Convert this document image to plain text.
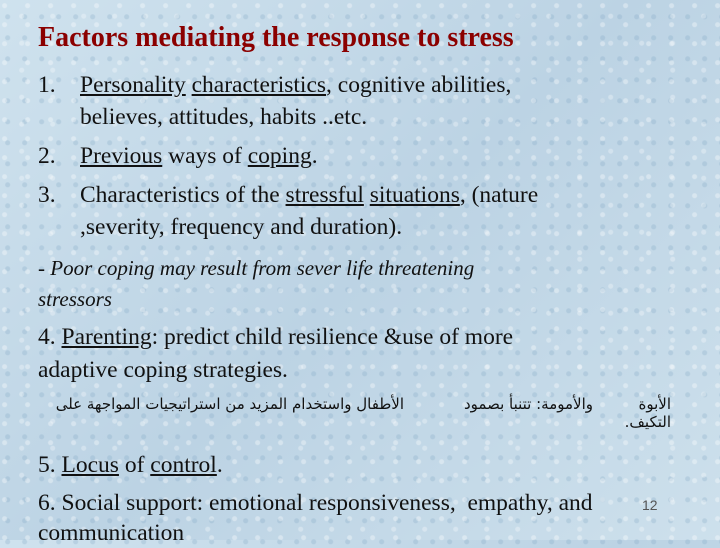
Factors mediating the response to stress
1. Personality characteristics, cognitive abilities,
believes, attitudes, habits ..etc.
2. Previous ways of coping.
3. Characteristics of the stressful situations, (nature
,severity, frequency and duration).
- Poor coping may result from sever life threatening
stressors
4. Parenting: predict child resilience &use of more
adaptive coping strategies.
الأبوة
والأمومة: تتنبأ بصمود
الأطفال واستخدام المزيد من استراتيجيات المواجهة على
التكيف.
5. Locus of control.
6. Social support: emotional responsiveness,  empathy, and
communication
12
